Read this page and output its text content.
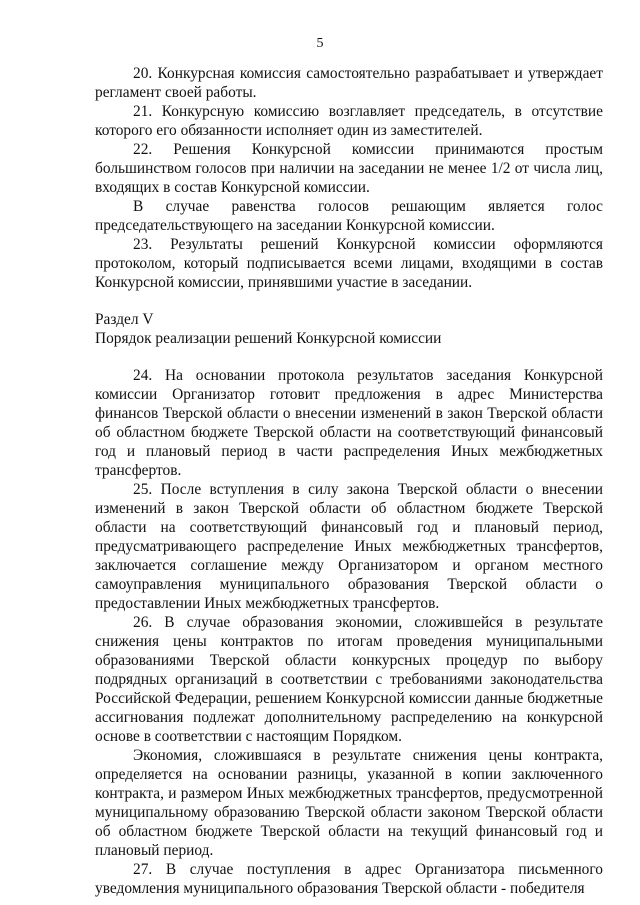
5

20. Конкурсная комиссия самостоятельно разрабатывает и утверждает регламент своей работы.

21. Конкурсную комиссию возглавляет председатель, в отсутствие которого его обязанности исполняет один из заместителей.

22. Решения Конкурсной комиссии принимаются простым большинством голосов при наличии на заседании не менее 1/2 от числа лиц, входящих в состав Конкурсной комиссии.

В случае равенства голосов решающим является голос председательствующего на заседании Конкурсной комиссии.

23. Результаты решений Конкурсной комиссии оформляются протоколом, который подписывается всеми лицами, входящими в состав Конкурсной комиссии, принявшими участие в заседании.

Раздел V

Порядок реализации решений Конкурсной комиссии

24. На основании протокола результатов заседания Конкурсной комиссии Организатор готовит предложения в адрес Министерства финансов Тверской области о внесении изменений в закон Тверской области об областном бюджете Тверской области на соответствующий финансовый год и плановый период в части распределения Иных межбюджетных трансфертов.

25. После вступления в силу закона Тверской области о внесении изменений в закон Тверской области об областном бюджете Тверской области на соответствующий финансовый год и плановый период, предусматривающего распределение Иных межбюджетных трансфертов, заключается соглашение между Организатором и органом местного самоуправления муниципального образования Тверской области о предоставлении Иных межбюджетных трансфертов.

26. В случае образования экономии, сложившейся в результате снижения цены контрактов по итогам проведения муниципальными образованиями Тверской области конкурсных процедур по выбору подрядных организаций в соответствии с требованиями законодательства Российской Федерации, решением Конкурсной комиссии данные бюджетные ассигнования подлежат дополнительному распределению на конкурсной основе в соответствии с настоящим Порядком.

Экономия, сложившаяся в результате снижения цены контракта, определяется на основании разницы, указанной в копии заключенного контракта, и размером Иных межбюджетных трансфертов, предусмотренной муниципальному образованию Тверской области законом Тверской области об областном бюджете Тверской области на текущий финансовый год и плановый период.

27. В случае поступления в адрес Организатора письменного уведомления муниципального образования Тверской области - победителя
